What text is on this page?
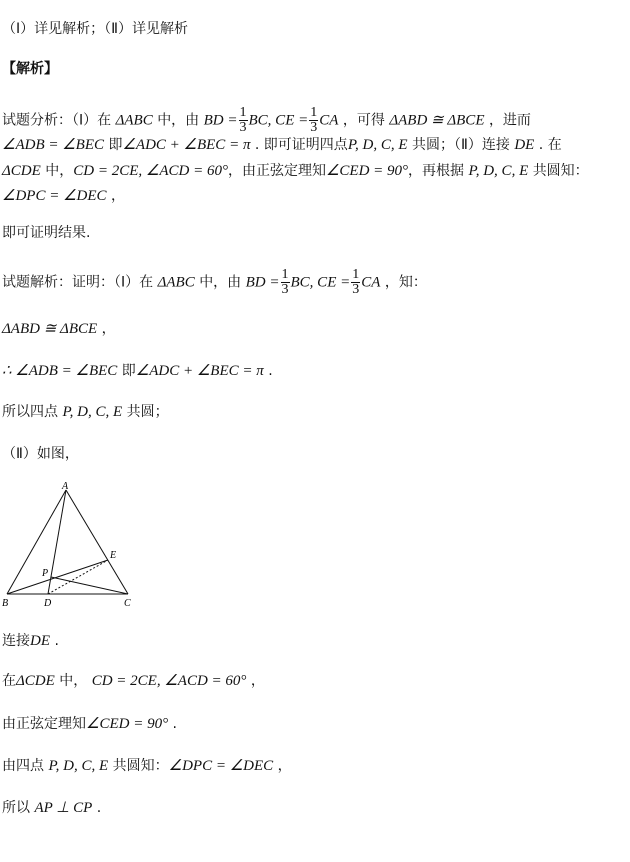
（Ⅰ）详见解析；（Ⅱ）详见解析
【解析】
试题分析：（Ⅰ）在 ΔABC 中，由 BD = $\frac{1}{3}$ BC, CE = $\frac{1}{3}$ CA ，可得 ΔABD ≅ ΔBCE ，进而
∠ADB = ∠BEC 即∠ADC + ∠BEC = π . 即可证明四点P, D, C, E 共圆；（Ⅱ）连接 DE . 在
ΔCDE 中，CD = 2CE, ∠ACD = 60°，由正弦定理知∠CED = 90°，再根据 P, D, C, E 共圆知：
∠DPC = ∠DEC ，
即可证明结果.
试题解析：证明：（Ⅰ）在 ΔABC 中，由 BD = $\frac{1}{3}$ BC, CE = $\frac{1}{3}$ CA ，知：
ΔABD ≅ ΔBCE ，
∴ ∠ADB = ∠BEC 即∠ADC + ∠BEC = π .
所以四点 P, D, C, E 共圆；
（Ⅱ）如图，
A
B	C
D
E
P
连接DE .
在ΔCDE 中， CD = 2CE, ∠ACD = 60° ，
由正弦定理知∠CED = 90° .
由四点 P, D, C, E 共圆知：∠DPC = ∠DEC ，
所以 AP ⊥ CP .
